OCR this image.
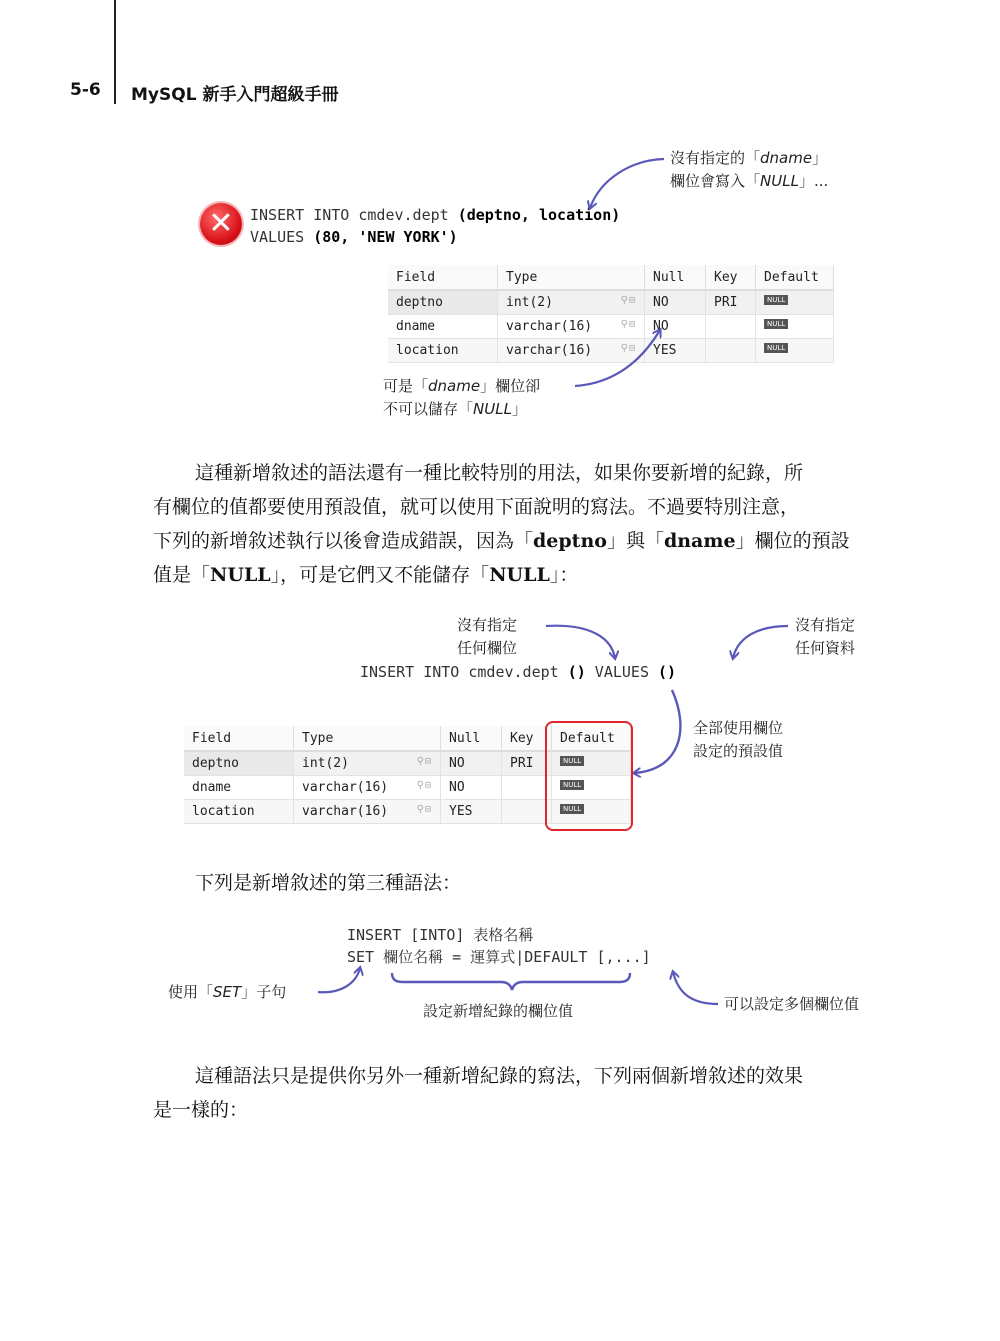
5-6 MySQL 新手入門超級手冊
沒有指定的「dname」
欄位會寫入「NULL」...
✕	INSERT INTO cmdev.dept (deptno, location)
VALUES (80, 'NEW YORK')
Field	Type	Null	Key	Default
deptno	int(2) ⚲⊟	NO	PRI	NULL
dname	varchar(16) ⚲⊟	NO		NULL
location	varchar(16) ⚲⊟	YES		NULL
可是「dname」欄位卻
不可以儲存「NULL」
這種新增敘述的語法還有一種比較特別的用法，如果你要新增的紀錄，所
有欄位的值都要使用預設值，就可以使用下面說明的寫法。不過要特別注意，
下列的新增敘述執行以後會造成錯誤，因為「deptno」與「dname」欄位的預設
值是「NULL」，可是它們又不能儲存「NULL」：
沒有指定
任何欄位
沒有指定
任何資料
INSERT INTO cmdev.dept () VALUES ()
Field	Type	Null	Key	Default
deptno	int(2) ⚲⊟	NO	PRI	NULL
dname	varchar(16) ⚲⊟	NO		NULL
location	varchar(16) ⚲⊟	YES		NULL
全部使用欄位
設定的預設值
下列是新增敘述的第三種語法：
INSERT [INTO] 表格名稱
SET 欄位名稱 = 運算式|DEFAULT [,...]
使用「SET」子句
設定新增紀錄的欄位值	可以設定多個欄位值
這種語法只是提供你另外一種新增紀錄的寫法，下列兩個新增敘述的效果
是一樣的：
